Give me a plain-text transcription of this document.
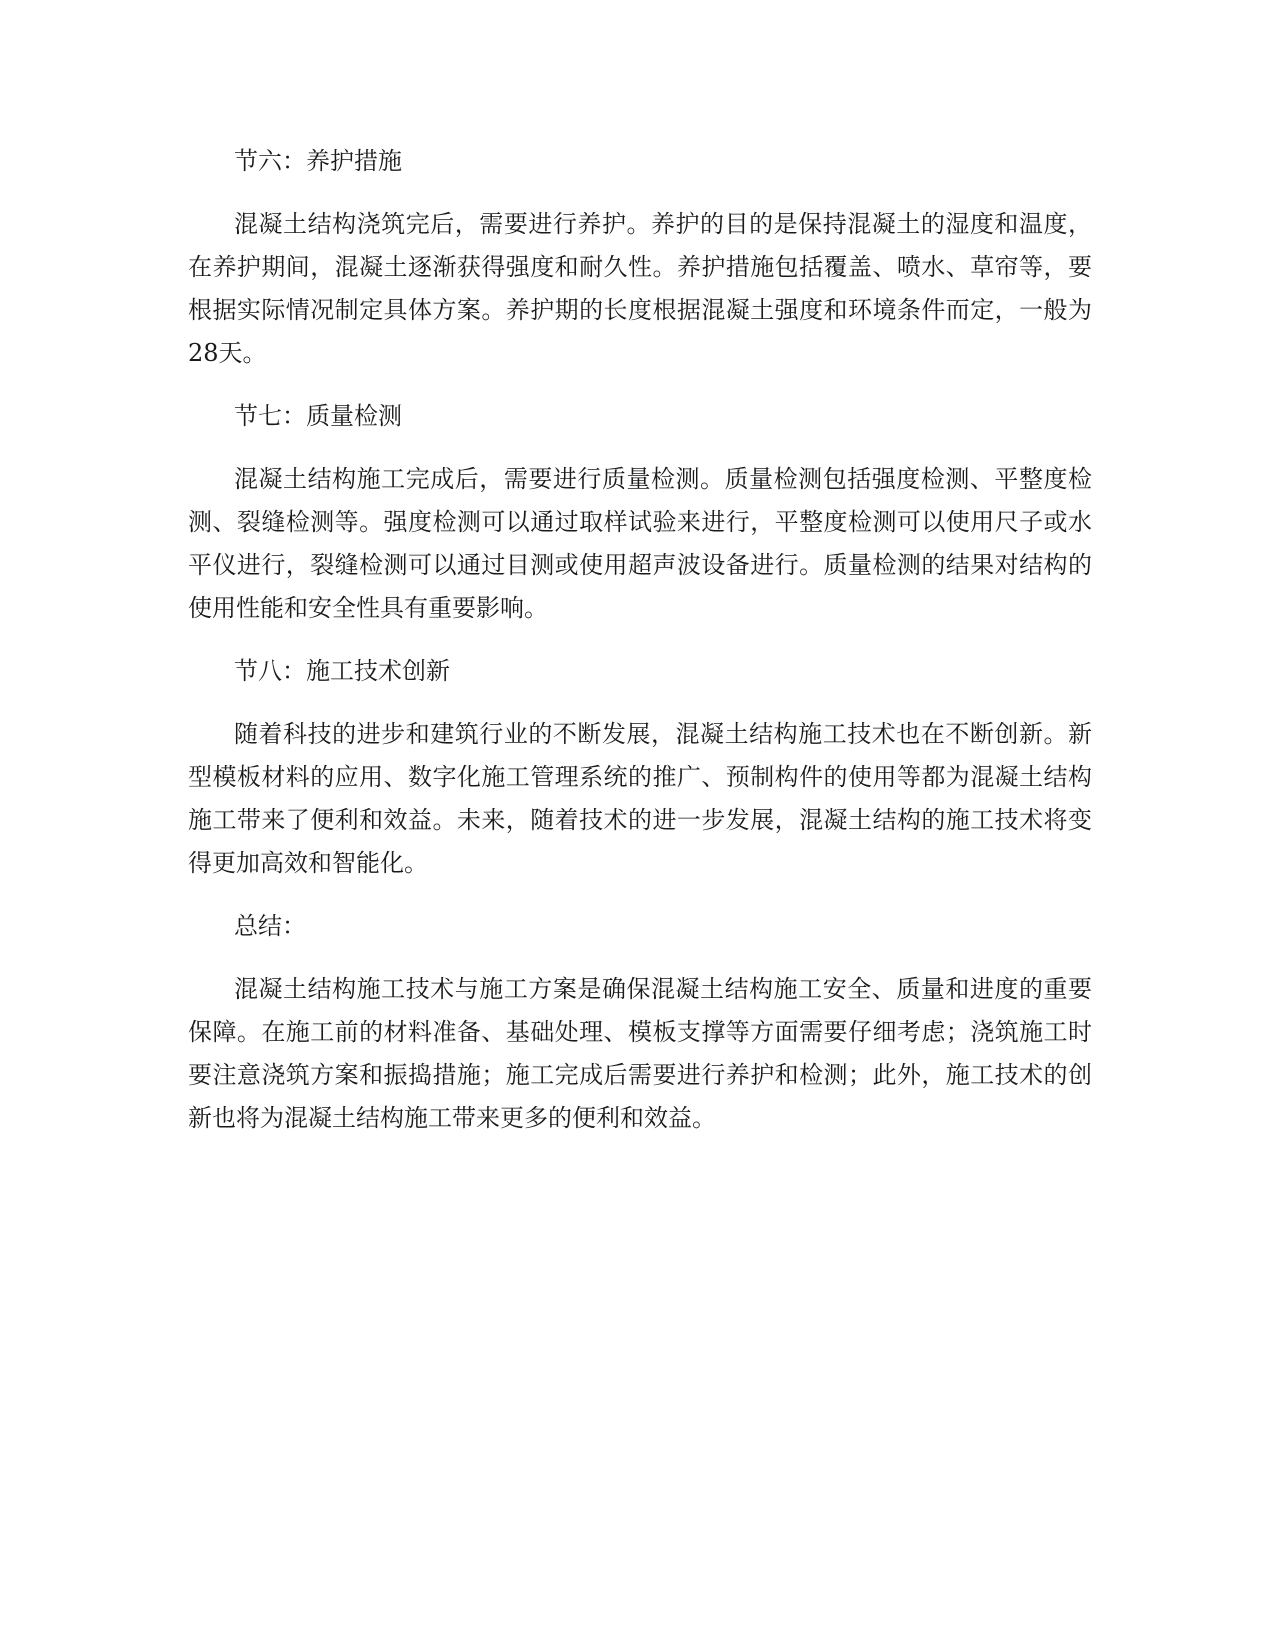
节六：养护措施

混凝土结构浇筑完后，需要进行养护。养护的目的是保持混凝土的湿度和温度，在养护期间，混凝土逐渐获得强度和耐久性。养护措施包括覆盖、喷水、草帘等，要根据实际情况制定具体方案。养护期的长度根据混凝土强度和环境条件而定，一般为28天。

节七：质量检测

混凝土结构施工完成后，需要进行质量检测。质量检测包括强度检测、平整度检测、裂缝检测等。强度检测可以通过取样试验来进行，平整度检测可以使用尺子或水平仪进行，裂缝检测可以通过目测或使用超声波设备进行。质量检测的结果对结构的使用性能和安全性具有重要影响。

节八：施工技术创新

随着科技的进步和建筑行业的不断发展，混凝土结构施工技术也在不断创新。新型模板材料的应用、数字化施工管理系统的推广、预制构件的使用等都为混凝土结构施工带来了便利和效益。未来，随着技术的进一步发展，混凝土结构的施工技术将变得更加高效和智能化。

总结：

混凝土结构施工技术与施工方案是确保混凝土结构施工安全、质量和进度的重要保障。在施工前的材料准备、基础处理、模板支撑等方面需要仔细考虑；浇筑施工时要注意浇筑方案和振捣措施；施工完成后需要进行养护和检测；此外，施工技术的创新也将为混凝土结构施工带来更多的便利和效益。
